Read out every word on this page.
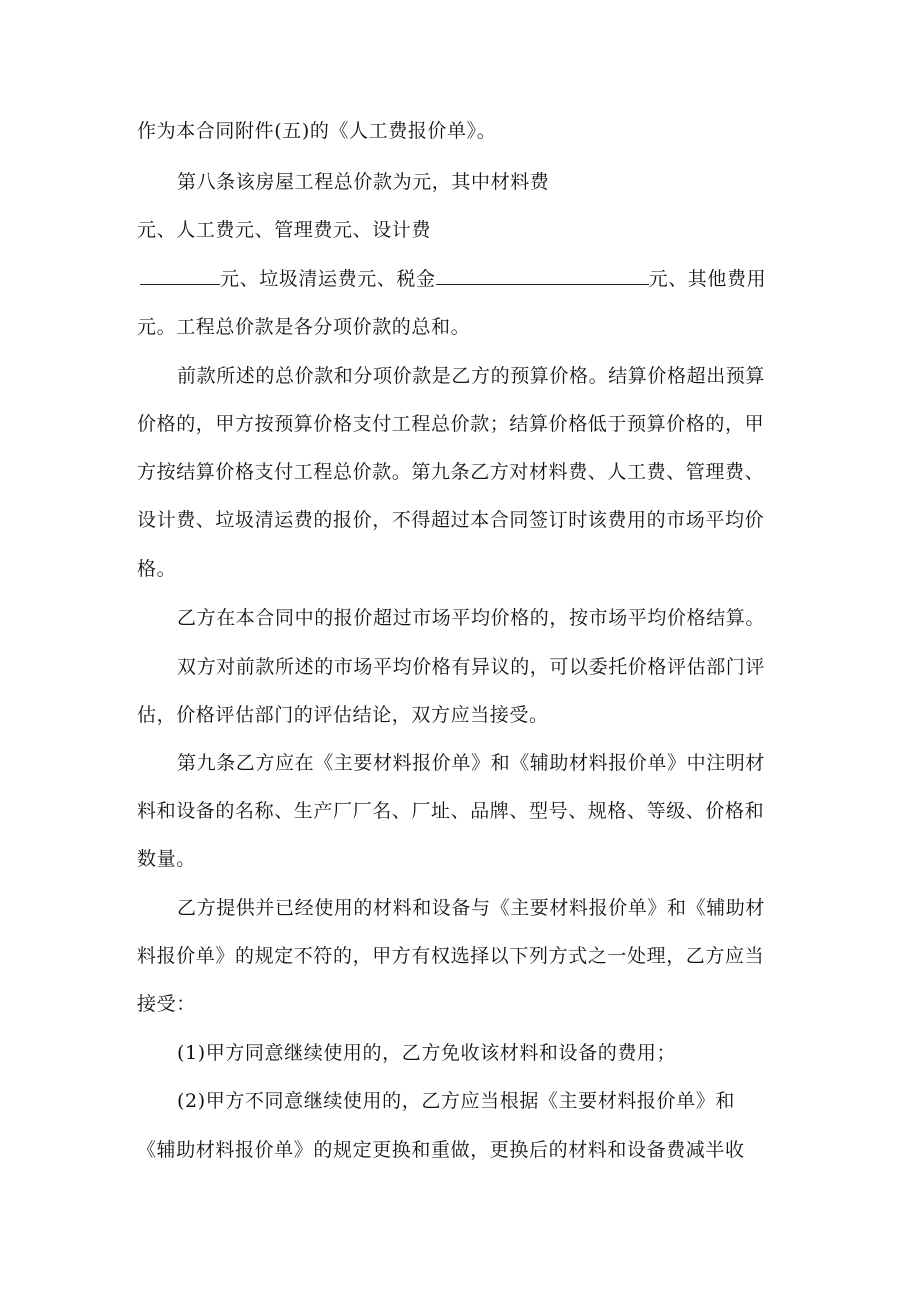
作为本合同附件(五)的《人工费报价单》。
第八条该房屋工程总价款为元，其中材料费
元、人工费元、管理费元、设计费
元、垃圾清运费元、税金	元、其他费用
元。工程总价款是各分项价款的总和。
前款所述的总价款和分项价款是乙方的预算价格。结算价格超出预算
价格的，甲方按预算价格支付工程总价款；结算价格低于预算价格的，甲
方按结算价格支付工程总价款。第九条乙方对材料费、人工费、管理费、
设计费、垃圾清运费的报价，不得超过本合同签订时该费用的市场平均价
格。
乙方在本合同中的报价超过市场平均价格的，按市场平均价格结算。
双方对前款所述的市场平均价格有异议的，可以委托价格评估部门评
估，价格评估部门的评估结论，双方应当接受。
第九条乙方应在《主要材料报价单》和《辅助材料报价单》中注明材
料和设备的名称、生产厂厂名、厂址、品牌、型号、规格、等级、价格和
数量。
乙方提供并已经使用的材料和设备与《主要材料报价单》和《辅助材
料报价单》的规定不符的，甲方有权选择以下列方式之一处理，乙方应当
接受：
(1)甲方同意继续使用的，乙方免收该材料和设备的费用；
(2)甲方不同意继续使用的，乙方应当根据《主要材料报价单》和
《辅助材料报价单》的规定更换和重做，更换后的材料和设备费减半收
